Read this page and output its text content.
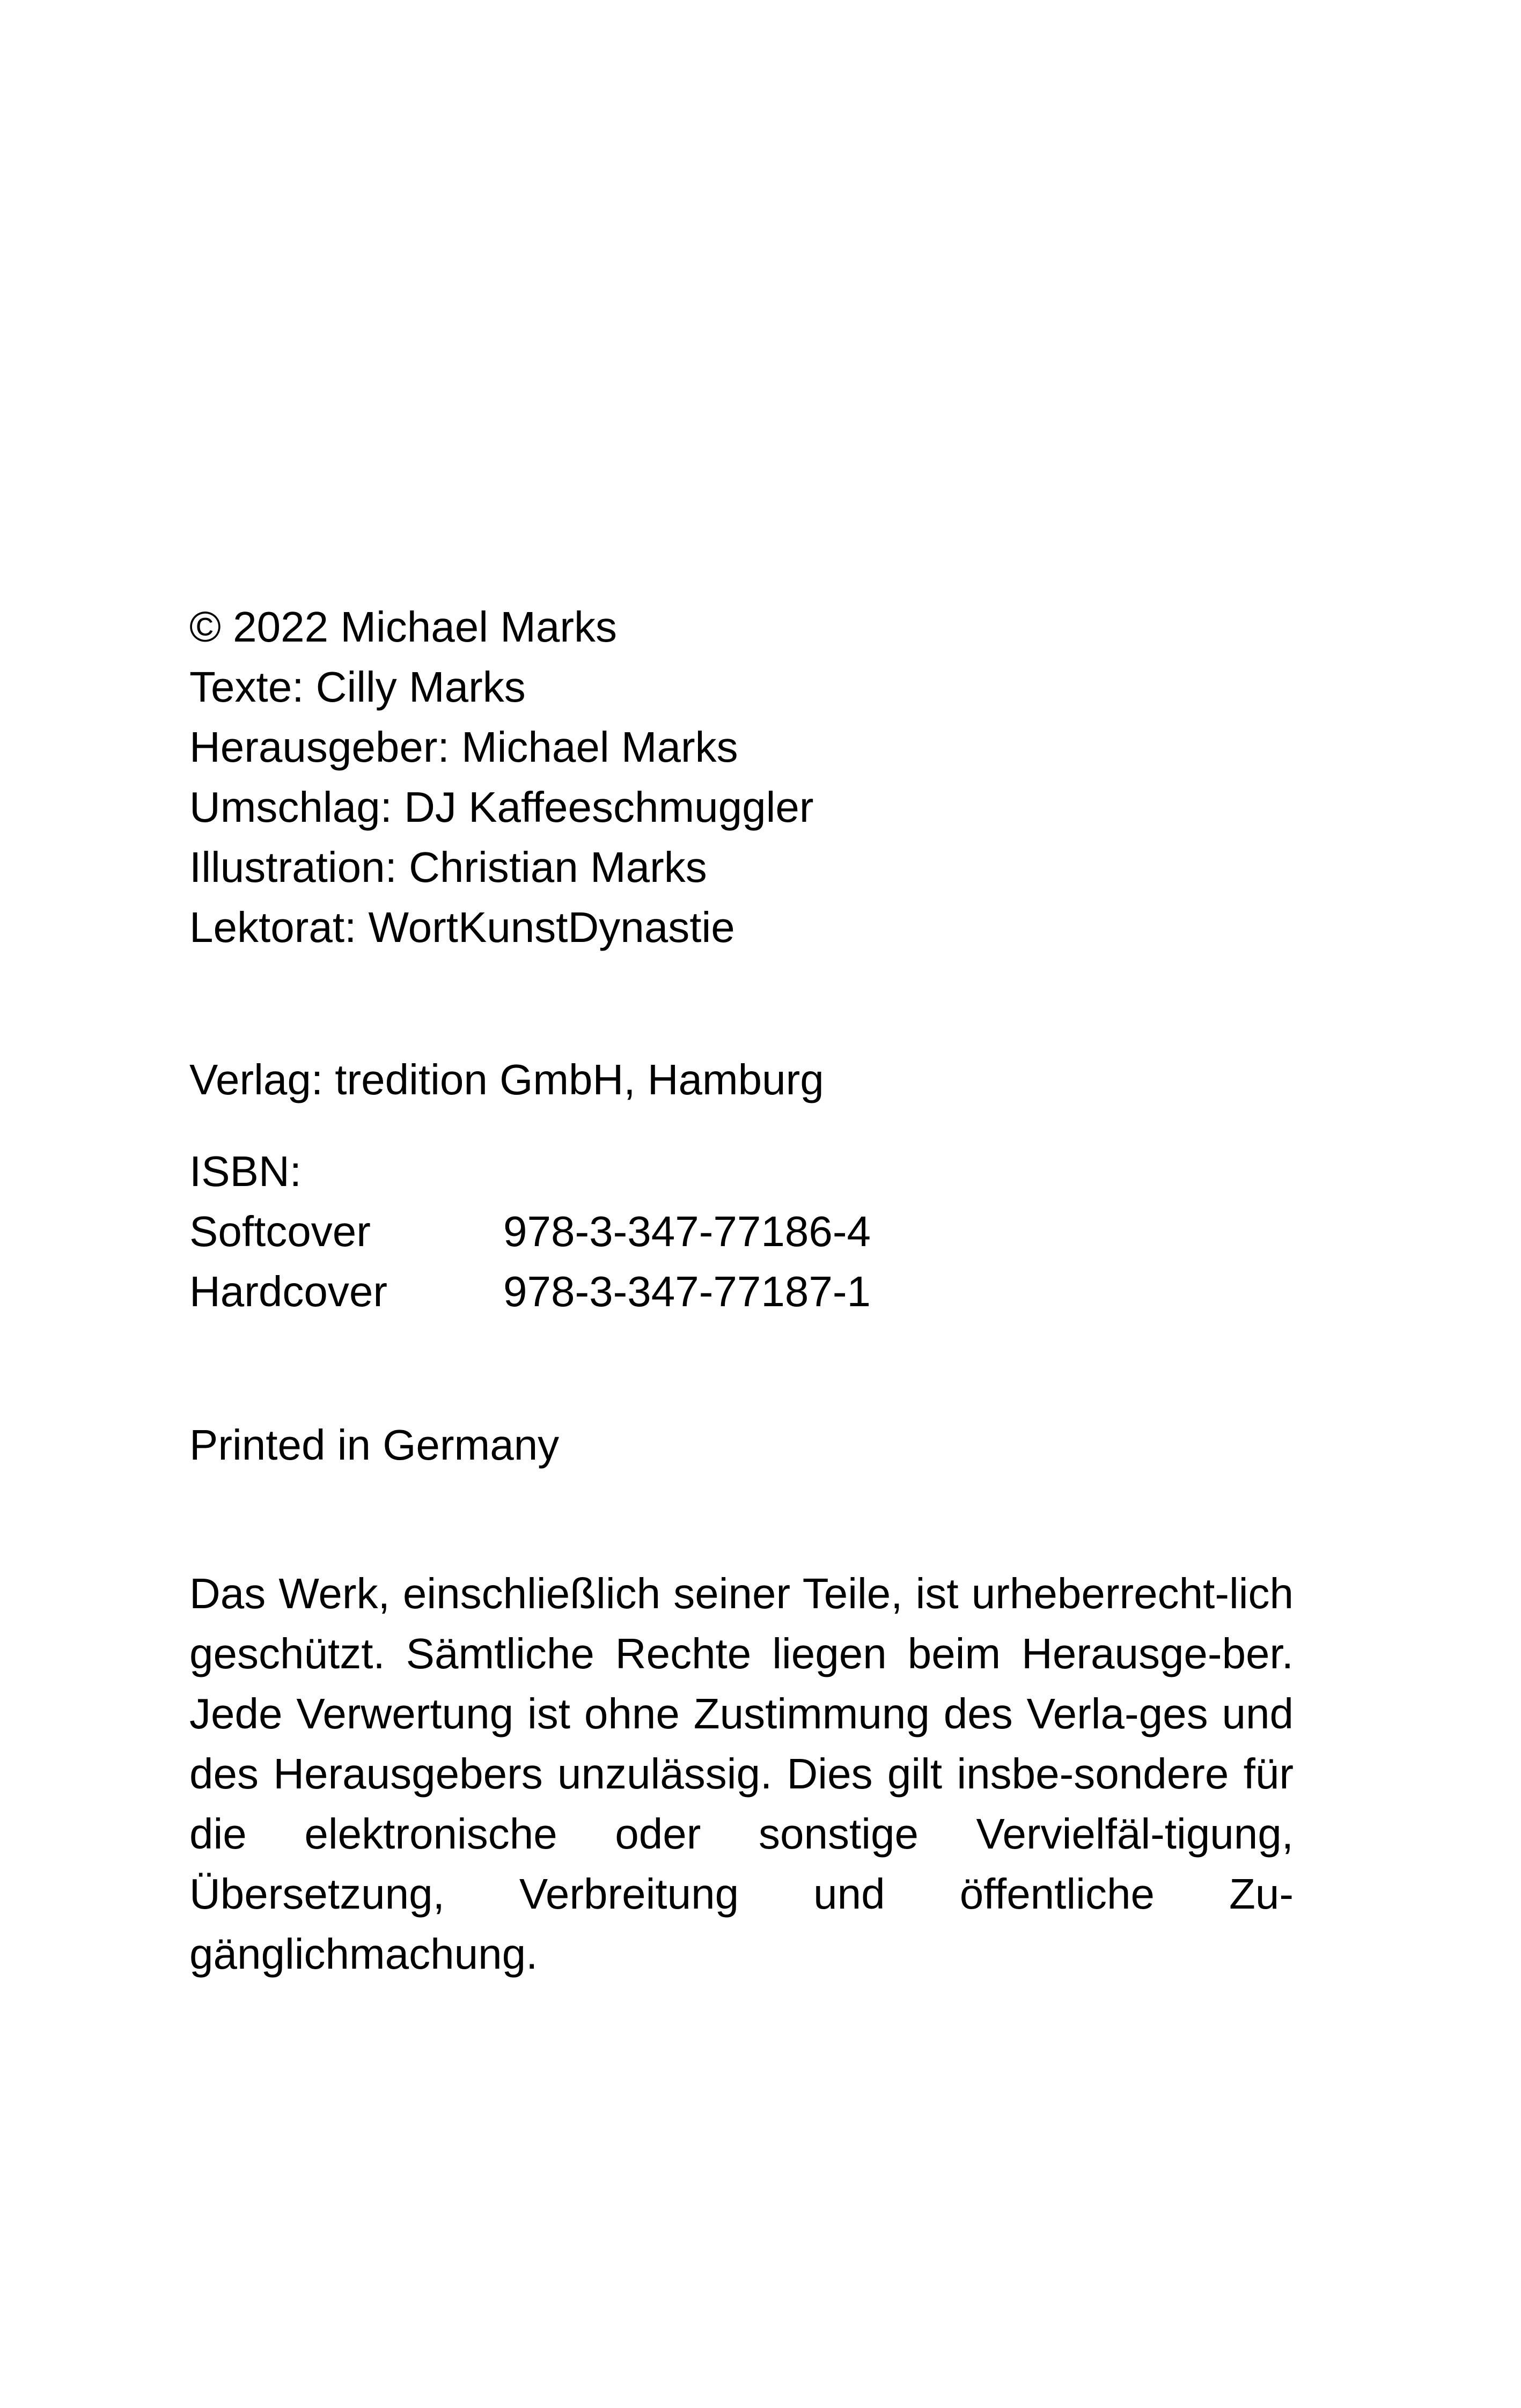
© 2022 Michael Marks
Texte: Cilly Marks
Herausgeber: Michael Marks
Umschlag: DJ Kaffeeschmuggler
Illustration: Christian Marks
Lektorat: WortKunstDynastie
Verlag: tredition GmbH, Hamburg
ISBN:
Softcover	978-3-347-77186-4
Hardcover	978-3-347-77187-1
Printed in Germany
Das Werk, einschließlich seiner Teile, ist urheberrecht-lich geschützt. Sämtliche Rechte liegen beim Herausge-ber. Jede Verwertung ist ohne Zustimmung des Verla-ges und des Herausgebers unzulässig. Dies gilt insbe-sondere für die elektronische oder sonstige Vervielfäl-tigung, Übersetzung, Verbreitung und öffentliche Zu-gänglichmachung.
